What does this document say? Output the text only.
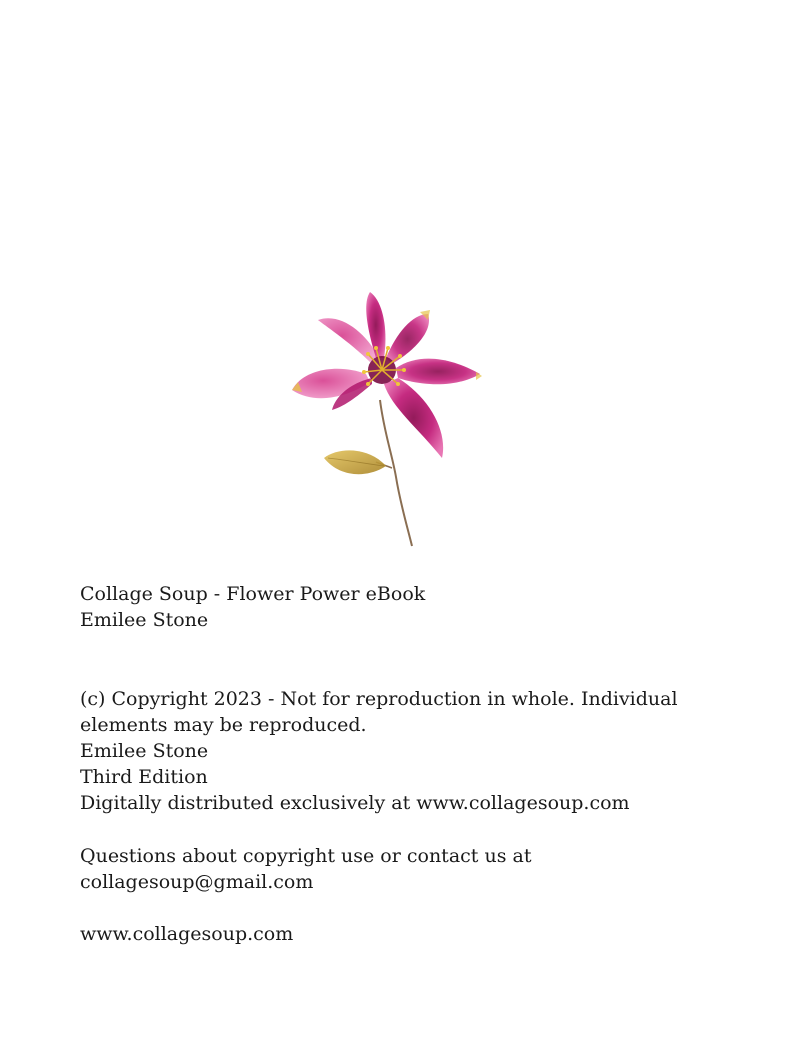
Collage Soup - Flower Power eBook

Emilee Stone

(c) Copyright 2023 - Not for reproduction in whole. Individual

elements may be reproduced.

Emilee Stone

Third Edition

Digitally distributed exclusively at www.collagesoup.com

Questions about copyright use or contact us at

collagesoup@gmail.com

www.collagesoup.com
